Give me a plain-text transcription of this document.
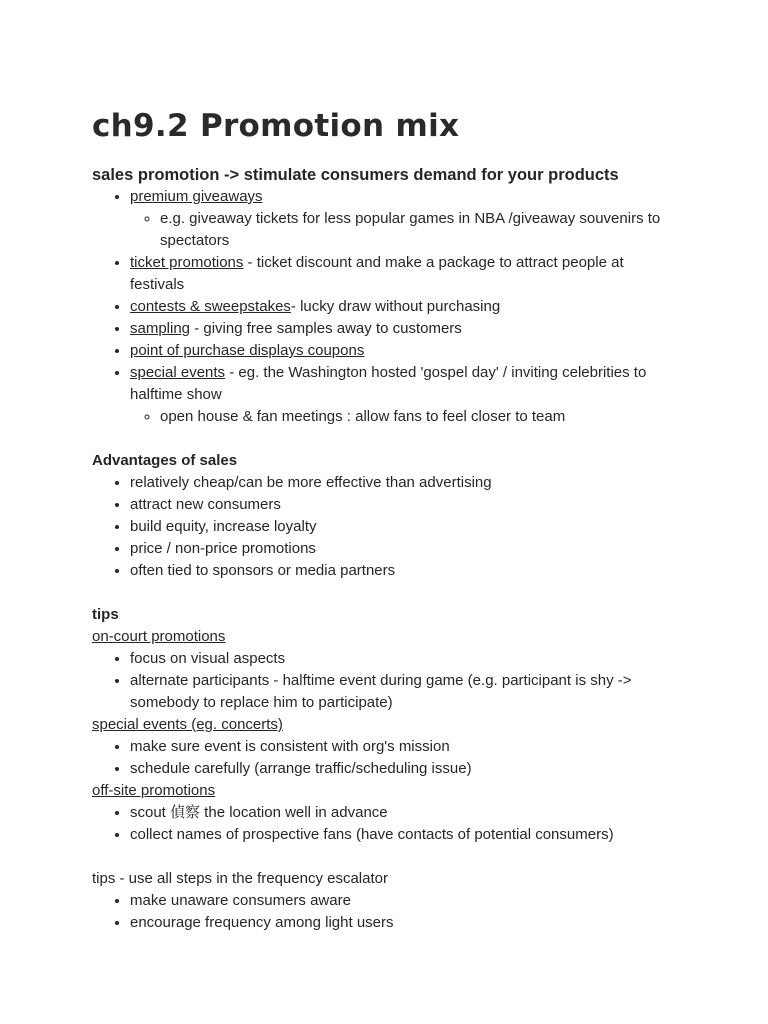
ch9.2 Promotion mix

sales promotion -> stimulate consumers demand for your products

• premium giveaways
◦ e.g. giveaway tickets for less popular games in NBA /giveaway souvenirs to spectators
• ticket promotions - ticket discount and make a package to attract people at festivals
• contests & sweepstakes- lucky draw without purchasing
• sampling - giving free samples away to customers
• point of purchase displays coupons
• special events - eg. the Washington hosted 'gospel day' / inviting celebrities to halftime show
◦ open house & fan meetings : allow fans to feel closer to team

Advantages of sales

• relatively cheap/can be more effective than advertising
• attract new consumers
• build equity, increase loyalty
• price / non-price promotions
• often tied to sponsors or media partners

tips

on-court promotions

• focus on visual aspects
• alternate participants - halftime event during game (e.g. participant is shy -> somebody to replace him to participate)

special events (eg. concerts)

• make sure event is consistent with org's mission
• schedule carefully (arrange traffic/scheduling issue)

off-site promotions

• scout 偵察 the location well in advance
• collect names of prospective fans (have contacts of potential consumers)

tips - use all steps in the frequency escalator

• make unaware consumers aware
• encourage frequency among light users
